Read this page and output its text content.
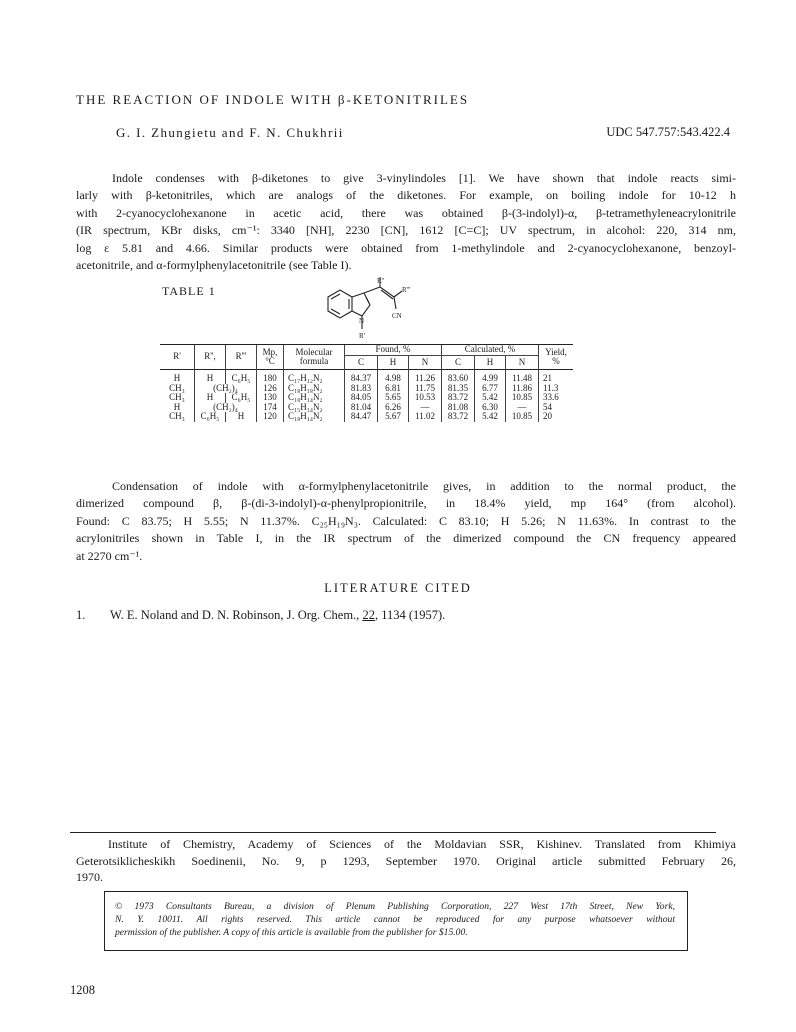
THE REACTION OF INDOLE WITH β-KETONITRILES
G. I. Zhungietu and F. N. Chukhrii	UDC 547.757:543.422.4

Indole condenses with β-diketones to give 3-vinylindoles [1]. We have shown that indole reacts simi-

larly with β-ketonitriles, which are analogs of the diketones. For example, on boiling indole for 10-12 h

with 2-cyanocyclohexanone in acetic acid, there was obtained β-(3-indolyl)-α, β-tetramethyleneacrylonitrile

(IR spectrum, KBr disks, cm⁻¹: 3340 [NH], 2230 [CN], 1612 [C=C]; UV spectrum, in alcohol: 220, 314 nm,

log ε 5.81 and 4.66. Similar products were obtained from 1-methylindole and 2-cyanocyclohexanone, benzoyl-

acetonitrile, and α-formylphenylacetonitrile (see Table I).

TABLE 1
R''
R'''
CN
N
R'
R'	R'',	R'''	Mp,
°C	Molecular
formula	Found, %			Calculated, %			Yield,
%
					C	H	N	C	H	N	
H	H	C₆H₅	180	C₁₇H₁₂N₂	84.37	4.98	11.26	83.60	4.99	11.48	21
CH₃	(CH₂)₄		126	C₁₈H₁₈N₂	81.83	6.81	11.75	81.35	6.77	11.86	11.3
CH₃	H	C₆H₅	130	C₁₈H₁₄N₂	84.05	5.65	10.53	83.72	5.42	10.85	33.6
H	(CH₂)₄		174	C₁₅H₁₄N₂	81.04	6.26	—	81.08	6.30	—	54
CH₃	C₆H₅	H	120	C₁₈H₁₄N₂	84.47	5.67	11.02	83.72	5.42	10.85	20

Condensation of indole with α-formylphenylacetonitrile gives, in addition to the normal product, the

dimerized compound β, β-(di-3-indolyl)-α-phenylpropionitrile, in 18.4% yield, mp 164° (from alcohol).

Found: C 83.75; H 5.55; N 11.37%. C₂₅H₁₉N₃. Calculated: C 83.10; H 5.26; N 11.63%. In contrast to the

acrylonitriles shown in Table I, in the IR spectrum of the dimerized compound the CN frequency appeared

at 2270 cm⁻¹.

LITERATURE CITED
1. W. E. Noland and D. N. Robinson, J. Org. Chem., 22, 1134 (1957).

Institute of Chemistry, Academy of Sciences of the Moldavian SSR, Kishinev. Translated from Khimiya

Geterotsiklicheskikh Soedinenii, No. 9, p 1293, September 1970. Original article submitted February 26,

1970.

© 1973 Consultants Bureau, a division of Plenum Publishing Corporation, 227 West 17th Street, New York,

N. Y. 10011. All rights reserved. This article cannot be reproduced for any purpose whatsoever without

permission of the publisher. A copy of this article is available from the publisher for $15.00.

1208
